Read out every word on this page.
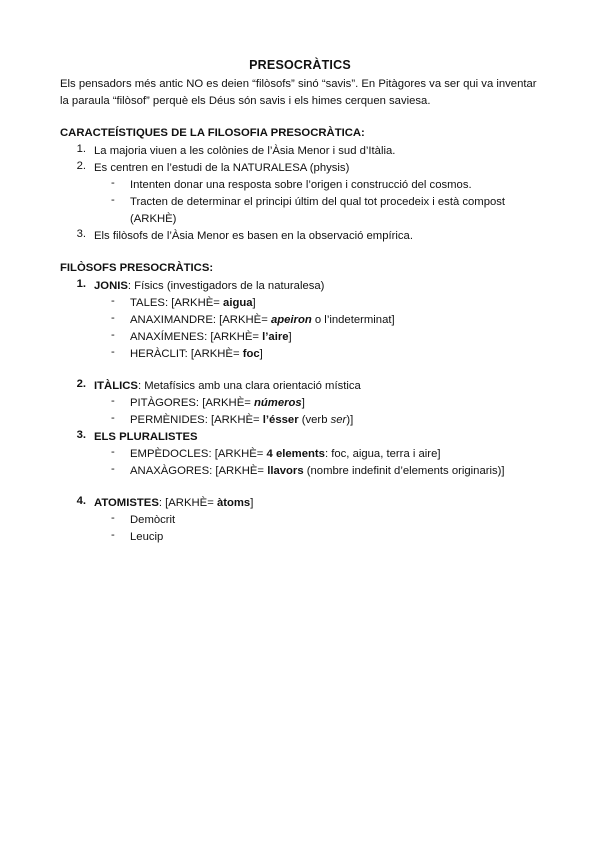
PRESOCRÀTICS
Els pensadors més antic NO es deien “filòsofs” sinó “savis”. En Pitàgores va ser qui va inventar
la paraula “filòsof” perquè els Déus són savis i els himes cerquen saviesa.
CARACTEÍSTIQUES DE LA FILOSOFIA PRESOCRÀTICA:
1. La majoria viuen a les colònies de l’Àsia Menor i sud d’Itàlia.
2. Es centren en l’estudi de la NATURALESA (physis)
- Intenten donar una resposta sobre l’origen i construcció del cosmos.
- Tracten de determinar el principi últim del qual tot procedeix i està compost
(ARKHÈ)
3. Els filòsofs de l’Àsia Menor es basen en la observació empírica.
FILÒSOFS PRESOCRÀTICS:
1. JONIS: Físics (investigadors de la naturalesa)
- TALES: [ARKHÈ= aigua]
- ANAXIMANDRE: [ARKHÈ= apeiron o l’indeterminat]
- ANAXÍMENES: [ARKHÈ= l’aire]
- HERÀCLIT: [ARKHÈ= foc]
2. ITÀLICS: Metafísics amb una clara orientació mística
- PITÀGORES: [ARKHÈ= números]
- PERMÈNIDES: [ARKHÈ= l’ésser (verb ser)]
3. ELS PLURALISTES
- EMPÈDOCLES: [ARKHÈ= 4 elements: foc, aigua, terra i aire]
- ANAXÀGORES: [ARKHÈ= llavors (nombre indefinit d’elements originaris)]
4. ATOMISTES: [ARKHÈ= àtoms]
- Demòcrit
- Leucip
